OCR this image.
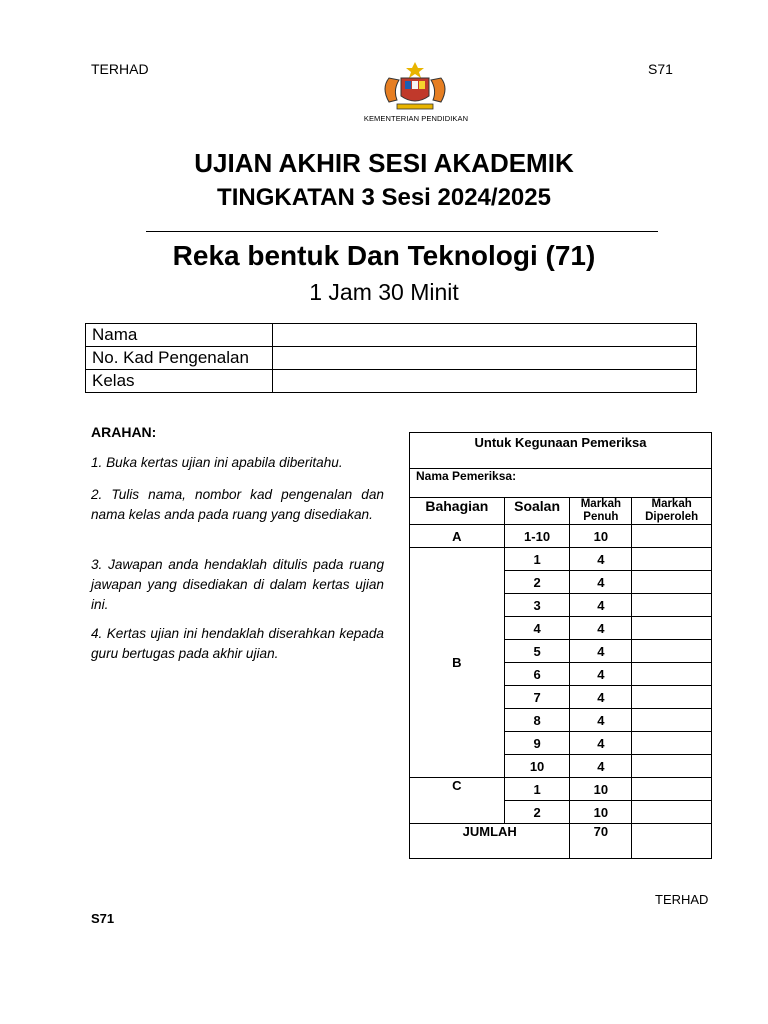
TERHAD	S71
KEMENTERIAN PENDIDIKAN
UJIAN AKHIR SESI AKADEMIK
TINGKATAN 3 Sesi 2024/2025
Reka bentuk Dan Teknologi (71)
1 Jam 30 Minit
Nama	
No. Kad Pengenalan	
Kelas	
ARAHAN:
1. Buka kertas ujian ini apabila diberitahu.
2. Tulis nama, nombor kad pengenalan dan nama kelas anda pada ruang yang disediakan.
3. Jawapan anda hendaklah ditulis pada ruang jawapan yang disediakan di dalam kertas ujian ini.
4. Kertas ujian ini hendaklah diserahkan kepada guru bertugas pada akhir ujian.
Untuk Kegunaan Pemeriksa			
Nama Pemeriksa:			
Bahagian	Soalan	Markah Penuh	Markah Diperoleh
A	1-10	10	
B	1	4	
	2	4	
	3	4	
	4	4	
	5	4	
	6	4	
	7	4	
	8	4	
	9	4	
	10	4	
C	1	10	
	2	10	
JUMLAH		70	
TERHAD
S71
